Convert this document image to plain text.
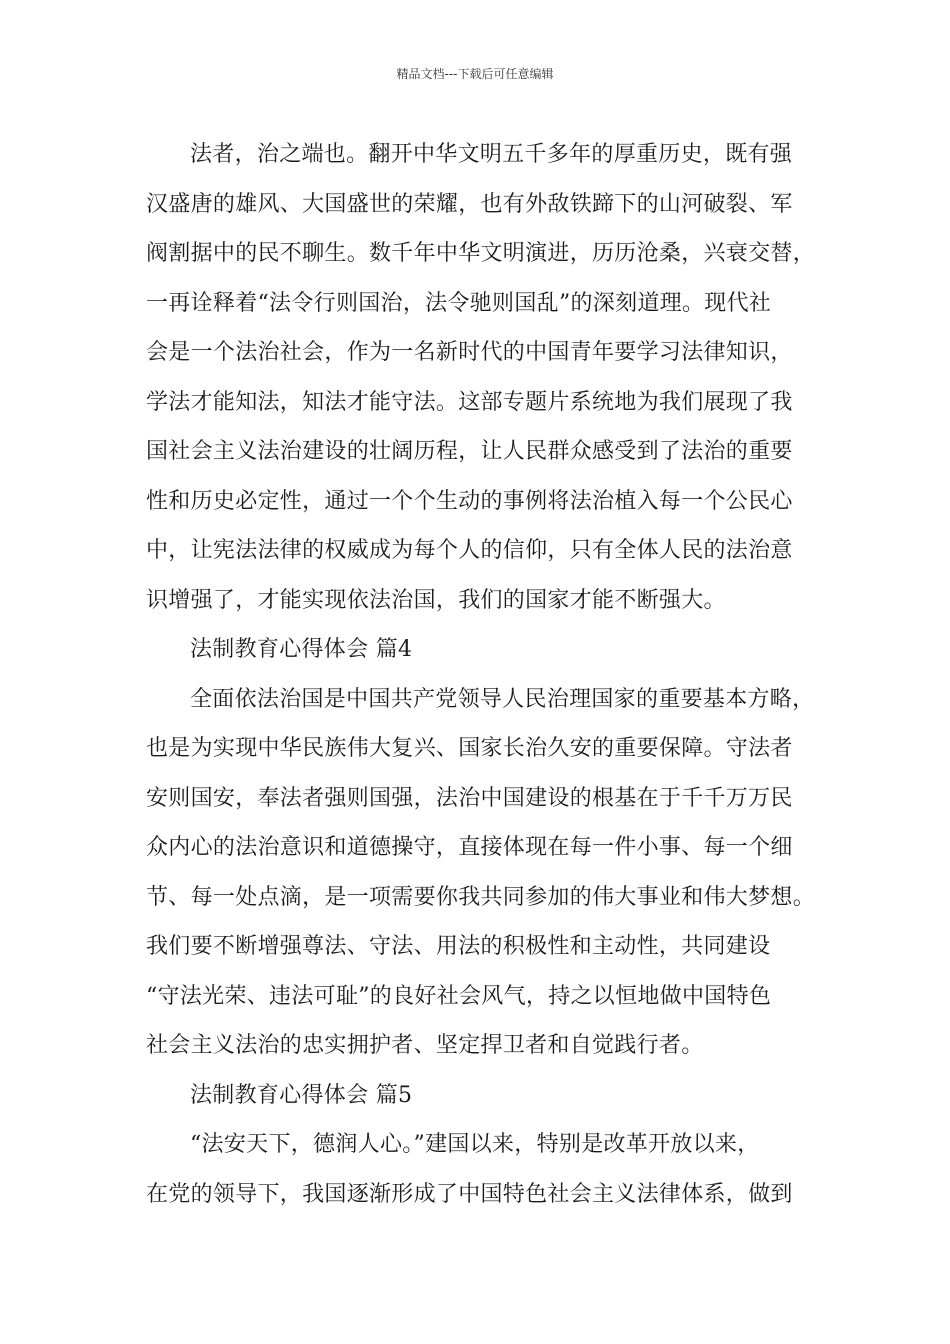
精品文档---下载后可任意编辑
法者，治之端也。翻开中华文明五千多年的厚重历史，既有强
汉盛唐的雄风、大国盛世的荣耀，也有外敌铁蹄下的山河破裂、军
阀割据中的民不聊生。数千年中华文明演进，历历沧桑，兴衰交替，
一再诠释着“法令行则国治，法令驰则国乱”的深刻道理。现代社
会是一个法治社会，作为一名新时代的中国青年要学习法律知识，
学法才能知法，知法才能守法。这部专题片系统地为我们展现了我
国社会主义法治建设的壮阔历程，让人民群众感受到了法治的重要
性和历史必定性，通过一个个生动的事例将法治植入每一个公民心
中，让宪法法律的权威成为每个人的信仰，只有全体人民的法治意
识增强了，才能实现依法治国，我们的国家才能不断强大。
法制教育心得体会 篇4
全面依法治国是中国共产党领导人民治理国家的重要基本方略，
也是为实现中华民族伟大复兴、国家长治久安的重要保障。守法者
安则国安，奉法者强则国强，法治中国建设的根基在于千千万万民
众内心的法治意识和道德操守，直接体现在每一件小事、每一个细
节、每一处点滴，是一项需要你我共同参加的伟大事业和伟大梦想。
我们要不断增强尊法、守法、用法的积极性和主动性，共同建设
“守法光荣、违法可耻”的良好社会风气，持之以恒地做中国特色
社会主义法治的忠实拥护者、坚定捍卫者和自觉践行者。
法制教育心得体会 篇5
“法安天下，德润人心。”建国以来，特别是改革开放以来，
在党的领导下，我国逐渐形成了中国特色社会主义法律体系，做到
